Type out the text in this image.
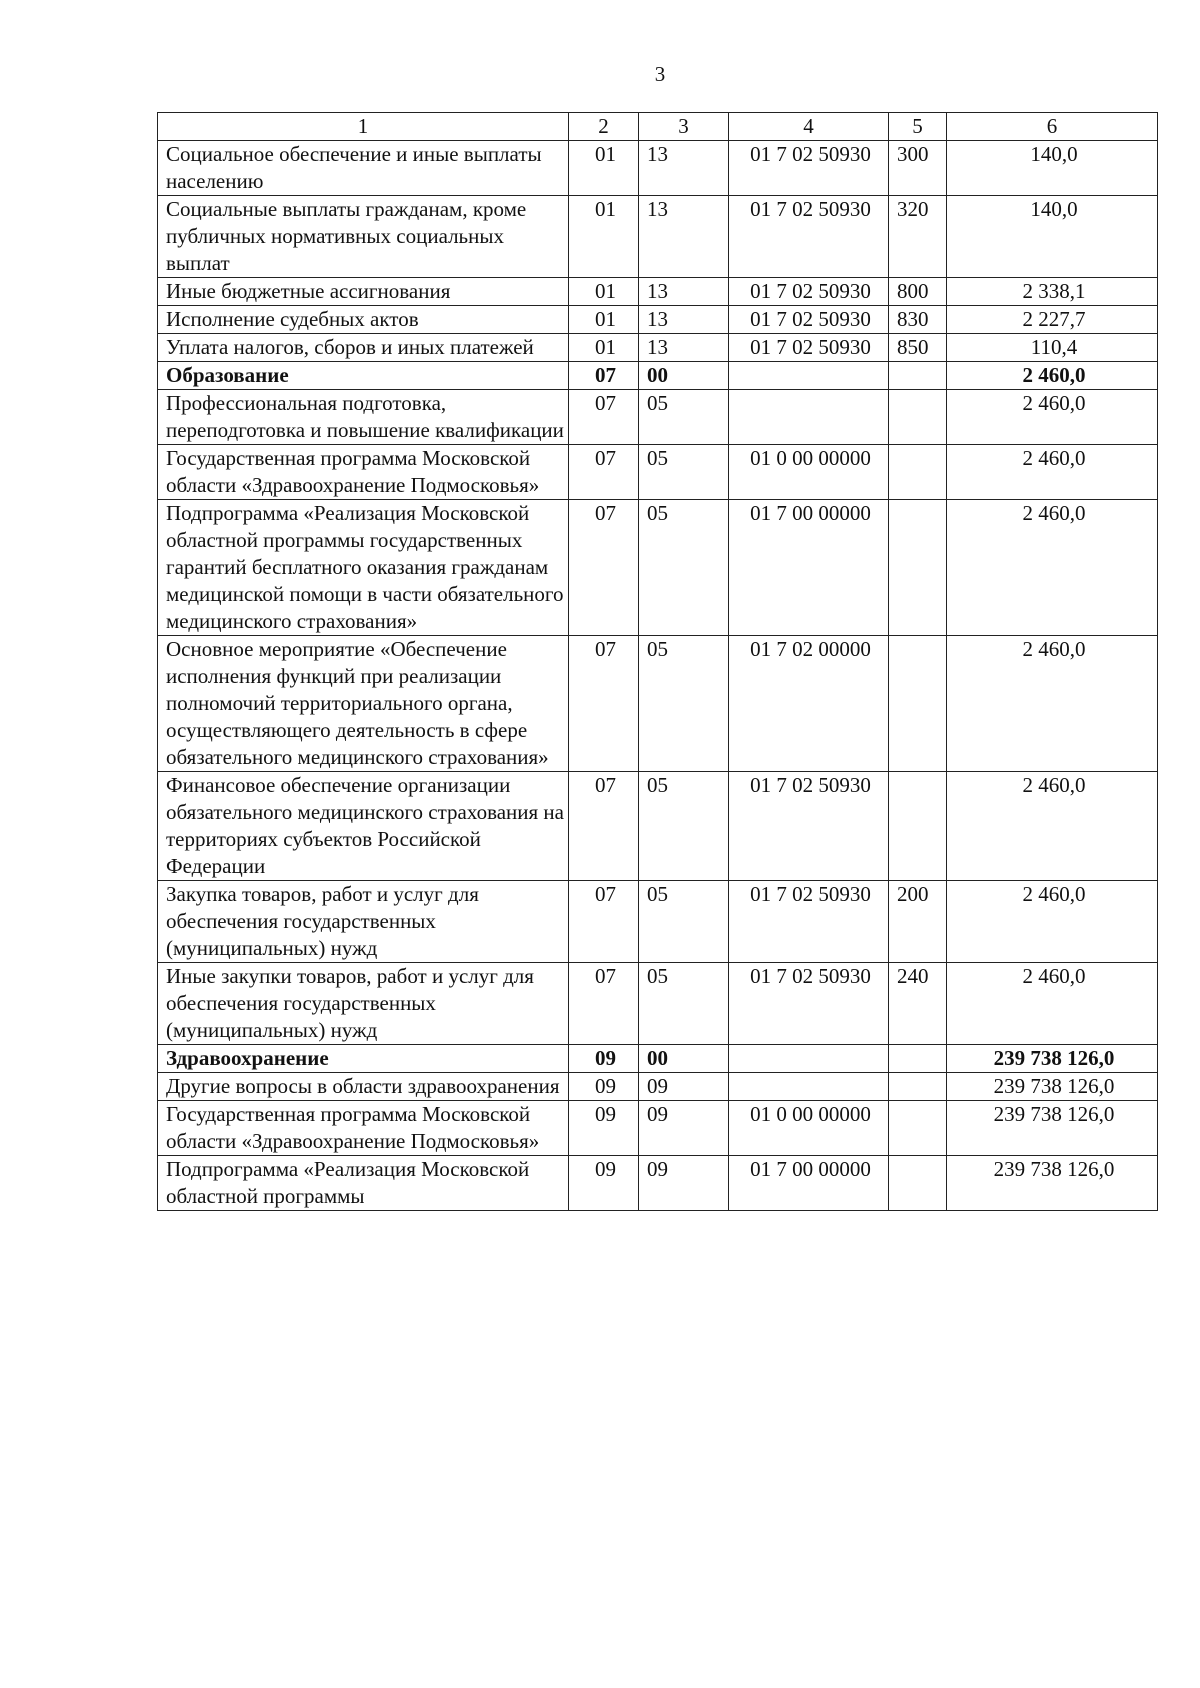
3
1	2	3	4	5	6
Социальное обеспечение и иные выплаты населению	01	13	01 7 02 50930	300	140,0
Социальные выплаты гражданам, кроме публичных нормативных социальных выплат	01	13	01 7 02 50930	320	140,0
Иные бюджетные ассигнования	01	13	01 7 02 50930	800	2 338,1
Исполнение судебных актов	01	13	01 7 02 50930	830	2 227,7
Уплата налогов, сборов и иных платежей	01	13	01 7 02 50930	850	110,4
Образование	07	00			2 460,0
Профессиональная подготовка, переподготовка и повышение квалификации	07	05			2 460,0
Государственная программа Московской области «Здравоохранение Подмосковья»	07	05	01 0 00 00000		2 460,0
Подпрограмма «Реализация Московской областной программы государственных гарантий бесплатного оказания гражданам медицинской помощи в части обязательного медицинского страхования»	07	05	01 7 00 00000		2 460,0
Основное мероприятие «Обеспечение исполнения функций при реализации полномочий территориального органа, осуществляющего деятельность в сфере обязательного медицинского страхования»	07	05	01 7 02 00000		2 460,0
Финансовое обеспечение организации обязательного медицинского страхования на территориях субъектов Российской Федерации	07	05	01 7 02 50930		2 460,0
Закупка товаров, работ и услуг для обеспечения государственных (муниципальных) нужд	07	05	01 7 02 50930	200	2 460,0
Иные закупки товаров, работ и услуг для обеспечения государственных (муниципальных) нужд	07	05	01 7 02 50930	240	2 460,0
Здравоохранение	09	00			239 738 126,0
Другие вопросы в области здравоохранения	09	09			239 738 126,0
Государственная программа Московской области «Здравоохранение Подмосковья»	09	09	01 0 00 00000		239 738 126,0
Подпрограмма «Реализация Московской областной программы	09	09	01 7 00 00000		239 738 126,0
